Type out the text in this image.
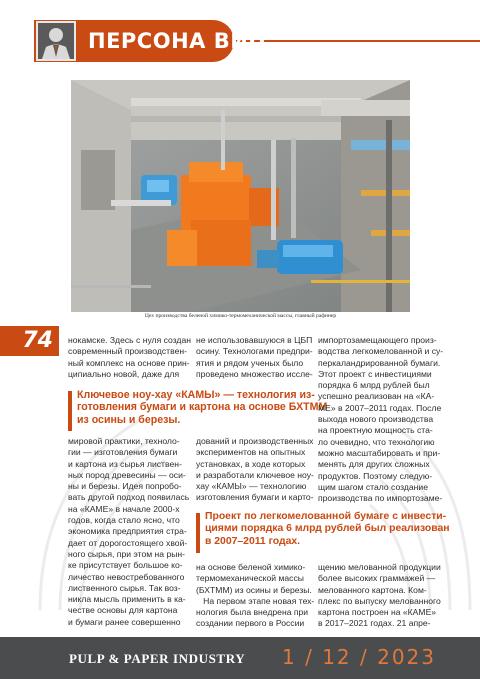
ПЕРСОНА ВИП
Цех производства беленой химико-термомеханической массы, главный рафинер
74	нокамске. Здесь с нуля создан

современный производствен-

ный комплекс на основе прин-

ципиально новой, даже для

не использовавшуюся в ЦБП

осину. Технологами предпри-

ятия и рядом ученых было

проведено множество иссле-

Ключевое ноу-хау «КАМЫ» — технология из-

готовления бумаги и картона на основе БХТММ

из осины и березы.

импортозамещающего произ-

водства легкомелованной и су-

перкаландрированной бумаги.

Этот проект с инвестициями

порядка 6 млрд рублей был

успешно реализован на «КА-

МЕ» в 2007–2011 годах. После

выхода нового производства

на проектную мощность ста-

ло очевидно, что технологию

можно масштабировать и при-

менять для других сложных

продуктов. Поэтому следую-

щим шагом стало создание

производства по импортозаме-

мировой практики, техноло-

гии — изготовления бумаги

и картона из сырья листвен-

ных пород древесины — оси-

ны и березы. Идея попробо-

вать другой подход появилась

на «КАМЕ» в начале 2000-х

годов, когда стало ясно, что

экономика предприятия стра-

дает от дорогостоящего хвой-

ного сырья, при этом на рын-

ке присутствует большое ко-

личество невостребованного

лиственного сырья. Так воз-

никла мысль применить в ка-

честве основы для картона

и бумаги ранее совершенно

дований и производственных

экспериментов на опытных

установках, в ходе которых

и разработали ключевое ноу-

хау «КАМЫ» — технологию

изготовления бумаги и карто-

Проект по легкомелованной бумаге с инвести-

циями порядка 6 млрд рублей был реализован

в 2007–2011 годах.

на основе беленой химико-

термомеханической массы

(БХТММ) из осины и березы.

На первом этапе новая тех-

нология была внедрена при

создании первого в России

щению мелованной продукции

более высоких граммажей —

мелованного картона. Ком-

плекс по выпуску мелованного

картона построен на «КАМЕ»

в 2017–2021 годах. 21 апре-

PULP & PAPER INDUSTRY 1 / 12 / 2023
